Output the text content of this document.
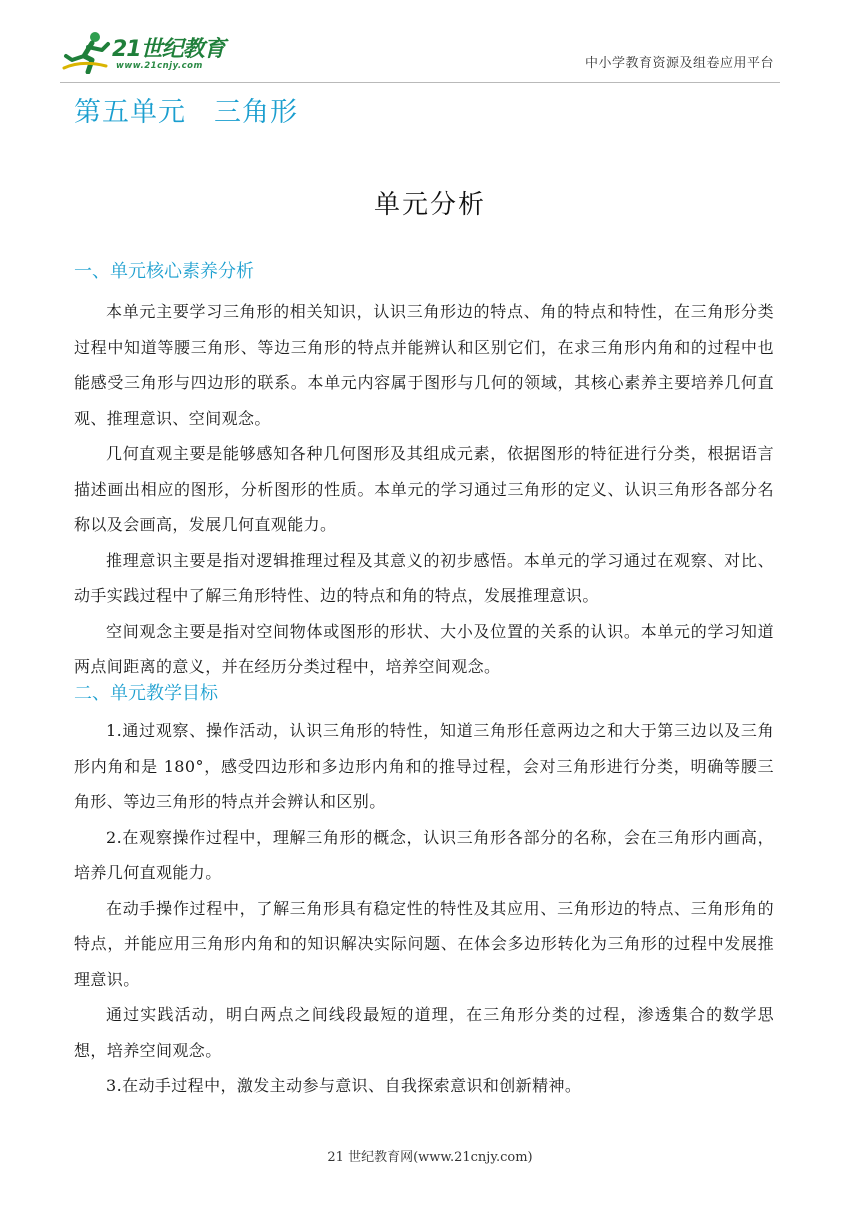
21世纪教育
www.21cnjy.com	中小学教育资源及组卷应用平台
第五单元　三角形
单元分析
一、单元核心素养分析

本单元主要学习三角形的相关知识，认识三角形边的特点、角的特点和特性，在三角形分类过程中知道等腰三角形、等边三角形的特点并能辨认和区别它们，在求三角形内角和的过程中也能感受三角形与四边形的联系。本单元内容属于图形与几何的领域，其核心素养主要培养几何直观、推理意识、空间观念。

几何直观主要是能够感知各种几何图形及其组成元素，依据图形的特征进行分类，根据语言描述画出相应的图形，分析图形的性质。本单元的学习通过三角形的定义、认识三角形各部分名称以及会画高，发展几何直观能力。

推理意识主要是指对逻辑推理过程及其意义的初步感悟。本单元的学习通过在观察、对比、动手实践过程中了解三角形特性、边的特点和角的特点，发展推理意识。

空间观念主要是指对空间物体或图形的形状、大小及位置的关系的认识。本单元的学习知道两点间距离的意义，并在经历分类过程中，培养空间观念。

二、单元教学目标

1.通过观察、操作活动，认识三角形的特性，知道三角形任意两边之和大于第三边以及三角形内角和是 180°，感受四边形和多边形内角和的推导过程，会对三角形进行分类，明确等腰三角形、等边三角形的特点并会辨认和区别。

2.在观察操作过程中，理解三角形的概念，认识三角形各部分的名称，会在三角形内画高，培养几何直观能力。

在动手操作过程中，了解三角形具有稳定性的特性及其应用、三角形边的特点、三角形角的特点，并能应用三角形内角和的知识解决实际问题、在体会多边形转化为三角形的过程中发展推理意识。

通过实践活动，明白两点之间线段最短的道理，在三角形分类的过程，渗透集合的数学思想，培养空间观念。

3.在动手过程中，激发主动参与意识、自我探索意识和创新精神。

21 世纪教育网(www.21cnjy.com)
